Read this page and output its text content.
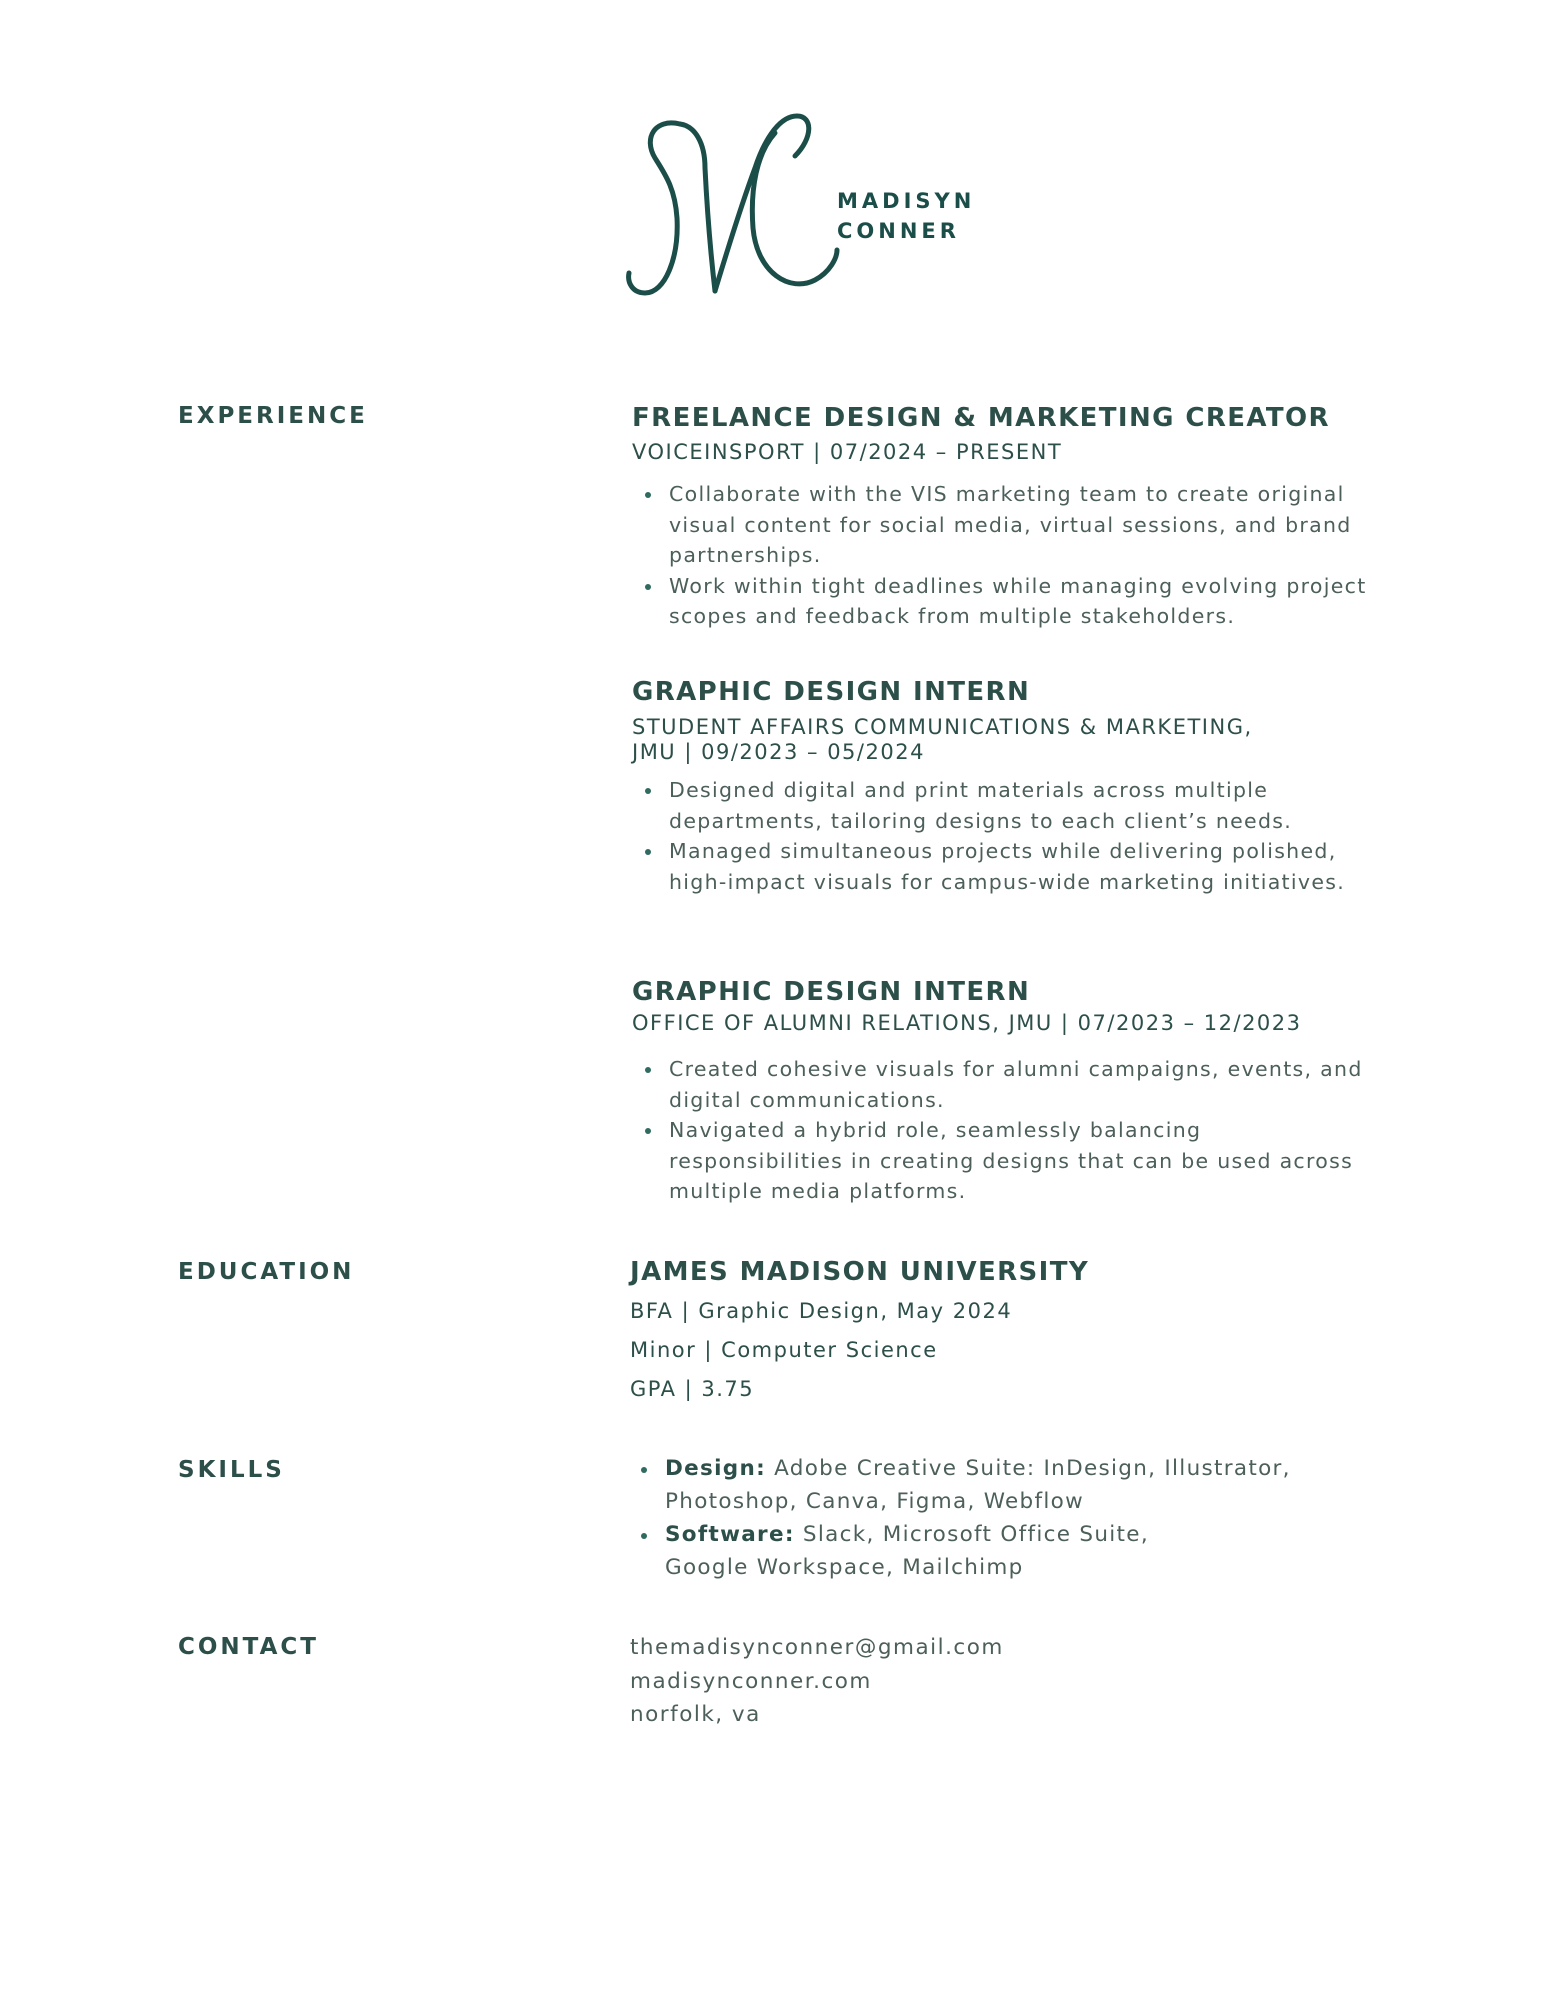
MADISYN
CONNER
EXPERIENCE
EDUCATION
SKILLS
CONTACT
FREELANCE DESIGN & MARKETING CREATOR
VOICEINSPORT | 07/2024 – PRESENT
Collaborate with the VIS marketing team to create original visual content for social media, virtual sessions, and brand partnerships.
Work within tight deadlines while managing evolving project scopes and feedback from multiple stakeholders.
GRAPHIC DESIGN INTERN
STUDENT AFFAIRS COMMUNICATIONS & MARKETING,
JMU | 09/2023 – 05/2024
Designed digital and print materials across multiple departments, tailoring designs to each client’s needs.
Managed simultaneous projects while delivering polished, high-impact visuals for campus-wide marketing initiatives.
GRAPHIC DESIGN INTERN
OFFICE OF ALUMNI RELATIONS, JMU | 07/2023 – 12/2023
Created cohesive visuals for alumni campaigns, events, and digital communications.
Navigated a hybrid role, seamlessly balancing responsibilities in creating designs that can be used across multiple media platforms.
JAMES MADISON UNIVERSITY
BFA | Graphic Design, May 2024
Minor | Computer Science
GPA | 3.75
Design: Adobe Creative Suite: InDesign, Illustrator,
Photoshop, Canva, Figma, Webflow
Software: Slack, Microsoft Office Suite,
Google Workspace, Mailchimp
themadisynconner@gmail.com
madisynconner.com
norfolk, va
